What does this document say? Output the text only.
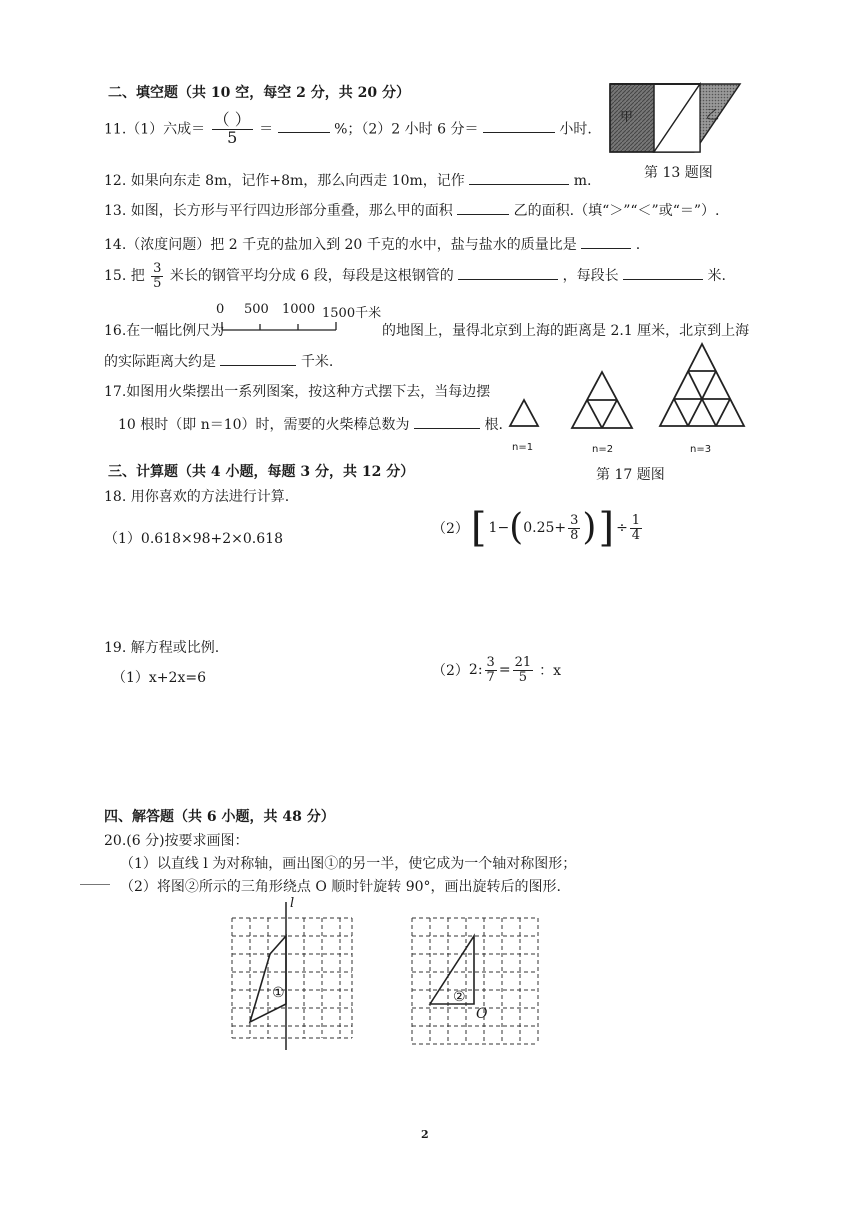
二、填空题（共 10 空，每空 2 分，共 20 分）
11.（1）六成＝ $\frac{( )}{5}$ ＝	%；（2）2 小时 6 分＝	小时.
12. 如果向东走 8m，记作+8m，那么向西走 10m，记作	m.
13. 如图，长方形与平行四边形部分重叠，那么甲的面积	乙的面积.（填“＞”“＜”或“＝”）.
14.（浓度问题）把 2 千克的盐加入到 20 千克的水中，盐与盐水的质量比是	.
15. 把 $\frac{3}{5}$ 米长的钢管平均分成 6 段，每段是这根钢管的	，每段长	米.
16.在一幅比例尺为
0 500 1000 1500千米
的地图上，量得北京到上海的距离是 2.1 厘米，北京到上海
的实际距离大约是	千米.
17.如图用火柴摆出一系列图案，按这种方式摆下去，当每边摆
10 根时（即 n＝10）时，需要的火柴棒总数为	根.
甲	乙
第 13 题图
n=1	n=2	n=3
第 17 题图
三、计算题（共 4 小题，每题 3 分，共 12 分）
18. 用你喜欢的方法进行计算.
（1）0.618×98+2×0.618
（2） [ 1− ( $0.25+ \frac{3}{8}$ ) ] ÷ $\frac{1}{4}$
19. 解方程或比例.
（1）x+2x=6	（2） 2: $\frac{3}{7} = \frac{21}{5}$ ：x
四、解答题（共 6 小题，共 48 分）
20.(6 分)按要求画图：
（1）以直线 l 为对称轴，画出图①的另一半，使它成为一个轴对称图形；
（2）将图②所示的三角形绕点 O 顺时针旋转 90°，画出旋转后的图形.
l
①	②
O
2
